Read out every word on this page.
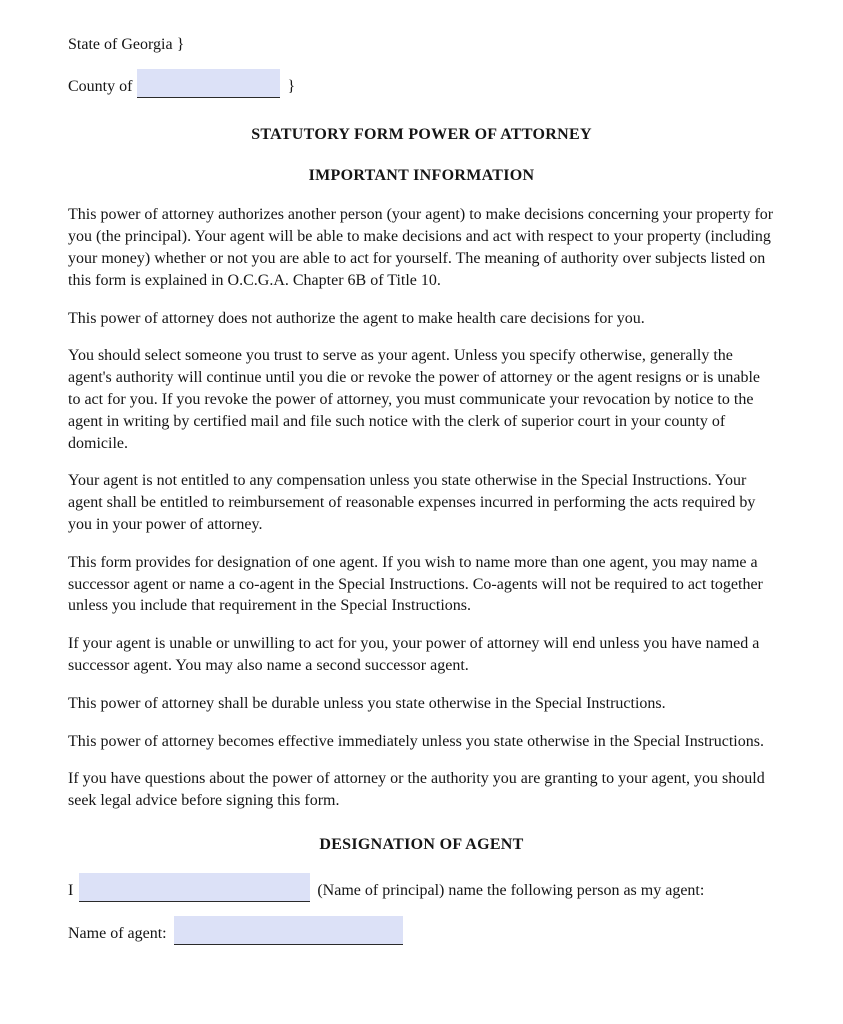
State of Georgia }

County of	}
STATUTORY FORM POWER OF ATTORNEY
IMPORTANT INFORMATION

This power of attorney authorizes another person (your agent) to make decisions concerning your property for you (the principal). Your agent will be able to make decisions and act with respect to your property (including your money) whether or not you are able to act for yourself. The meaning of authority over subjects listed on this form is explained in O.C.G.A. Chapter 6B of Title 10.

This power of attorney does not authorize the agent to make health care decisions for you.

You should select someone you trust to serve as your agent. Unless you specify otherwise, generally the agent's authority will continue until you die or revoke the power of attorney or the agent resigns or is unable to act for you. If you revoke the power of attorney, you must communicate your revocation by notice to the agent in writing by certified mail and file such notice with the clerk of superior court in your county of domicile.

Your agent is not entitled to any compensation unless you state otherwise in the Special Instructions. Your agent shall be entitled to reimbursement of reasonable expenses incurred in performing the acts required by you in your power of attorney.

This form provides for designation of one agent. If you wish to name more than one agent, you may name a successor agent or name a co-agent in the Special Instructions. Co-agents will not be required to act together unless you include that requirement in the Special Instructions.

If your agent is unable or unwilling to act for you, your power of attorney will end unless you have named a successor agent. You may also name a second successor agent.

This power of attorney shall be durable unless you state otherwise in the Special Instructions.

This power of attorney becomes effective immediately unless you state otherwise in the Special Instructions.

If you have questions about the power of attorney or the authority you are granting to your agent, you should seek legal advice before signing this form.

DESIGNATION OF AGENT
I	(Name of principal) name the following person as my agent:
Name of agent:
